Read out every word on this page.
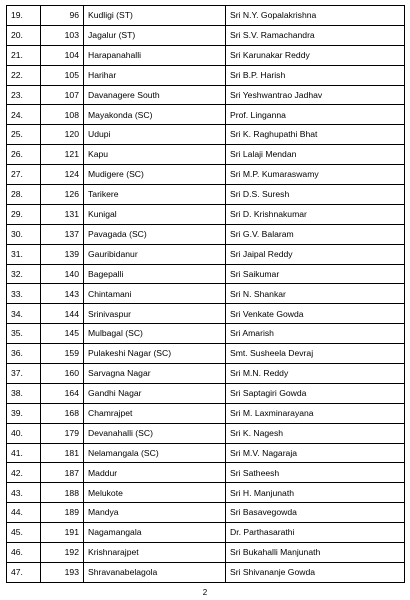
19.	96	Kudligi (ST)	Sri N.Y. Gopalakrishna
20.	103	Jagalur (ST)	Sri S.V. Ramachandra
21.	104	Harapanahalli	Sri Karunakar Reddy
22.	105	Harihar	Sri B.P. Harish
23.	107	Davanagere South	Sri Yeshwantrao Jadhav
24.	108	Mayakonda (SC)	Prof. Linganna
25.	120	Udupi	Sri K. Raghupathi Bhat
26.	121	Kapu	Sri Lalaji Mendan
27.	124	Mudigere (SC)	Sri M.P. Kumaraswamy
28.	126	Tarikere	Sri D.S. Suresh
29.	131	Kunigal	Sri D. Krishnakumar
30.	137	Pavagada (SC)	Sri G.V. Balaram
31.	139	Gauribidanur	Sri Jaipal Reddy
32.	140	Bagepalli	Sri Saikumar
33.	143	Chintamani	Sri N. Shankar
34.	144	Srinivaspur	Sri Venkate Gowda
35.	145	Mulbagal (SC)	Sri Amarish
36.	159	Pulakeshi Nagar (SC)	Smt. Susheela Devraj
37.	160	Sarvagna Nagar	Sri M.N. Reddy
38.	164	Gandhi Nagar	Sri Saptagiri Gowda
39.	168	Chamrajpet	Sri M. Laxminarayana
40.	179	Devanahalli (SC)	Sri K. Nagesh
41.	181	Nelamangala (SC)	Sri M.V. Nagaraja
42.	187	Maddur	Sri Satheesh
43.	188	Melukote	Sri H. Manjunath
44.	189	Mandya	Sri Basavegowda
45.	191	Nagamangala	Dr. Parthasarathi
46.	192	Krishnarajpet	Sri Bukahalli Manjunath
47.	193	Shravanabelagola	Sri Shivananje Gowda
2
